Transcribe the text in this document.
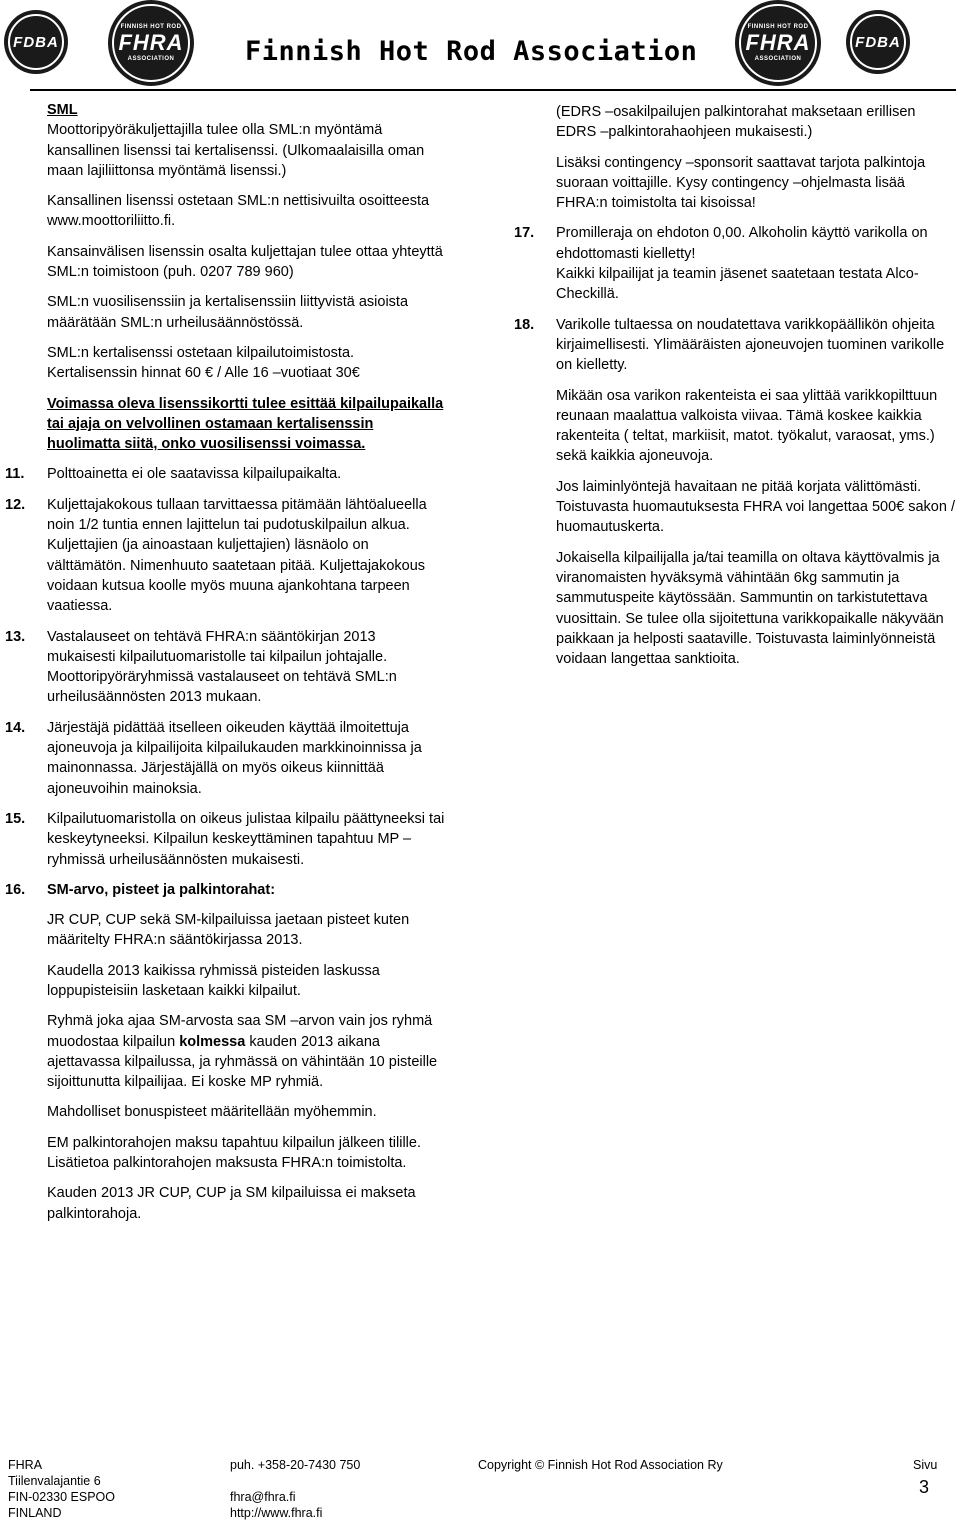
FDBA
FINNISH HOT ROD
FHRA
ASSOCIATION
FINNISH HOT ROD
FHRA
ASSOCIATION
FDBA
Finnish Hot Rod Association
SML
Moottoripyöräkuljettajilla tulee olla SML:n myöntämä kansallinen lisenssi tai kertalisenssi. (Ulkomaalaisilla oman maan lajiliittonsa myöntämä lisenssi.)
Kansallinen lisenssi ostetaan SML:n nettisivuilta osoitteesta www.moottoriliitto.fi.
Kansainvälisen lisenssin osalta kuljettajan tulee ottaa yhteyttä SML:n toimistoon (puh. 0207 789 960)
SML:n vuosilisenssiin ja kertalisenssiin liittyvistä asioista määrätään SML:n urheilusäännöstössä.
SML:n kertalisenssi ostetaan kilpailutoimistosta.
Kertalisenssin hinnat 60 € / Alle 16 –vuotiaat 30€
Voimassa oleva lisenssikortti tulee esittää kilpailupaikalla tai ajaja on velvollinen ostamaan kertalisenssin huolimatta siitä, onko vuosilisenssi voimassa.
11. Polttoainetta ei ole saatavissa kilpailupaikalta.
12. Kuljettajakokous tullaan tarvittaessa pitämään lähtöalueella noin 1/2 tuntia ennen lajittelun tai pudotuskilpailun alkua. Kuljettajien (ja ainoastaan kuljettajien) läsnäolo on välttämätön. Nimenhuuto saatetaan pitää. Kuljettajakokous voidaan kutsua koolle myös muuna ajankohtana tarpeen vaatiessa.
13. Vastalauseet on tehtävä FHRA:n sääntökirjan 2013 mukaisesti kilpailutuomaristolle tai kilpailun johtajalle. Moottoripyöräryhmissä vastalauseet on tehtävä SML:n urheilusäännösten 2013 mukaan.
14. Järjestäjä pidättää itselleen oikeuden käyttää ilmoitettuja ajoneuvoja ja kilpailijoita kilpailukauden markkinoinnissa ja mainonnassa. Järjestäjällä on myös oikeus kiinnittää ajoneuvoihin mainoksia.
15. Kilpailutuomaristolla on oikeus julistaa kilpailu päättyneeksi tai keskeytyneeksi. Kilpailun keskeyttäminen tapahtuu MP –ryhmissä urheilusäännösten mukaisesti.
16. SM-arvo, pisteet ja palkintorahat:
JR CUP, CUP sekä SM-kilpailuissa jaetaan pisteet kuten määritelty FHRA:n sääntökirjassa 2013.
Kaudella 2013 kaikissa ryhmissä pisteiden laskussa loppupisteisiin lasketaan kaikki kilpailut.
Ryhmä joka ajaa SM-arvosta saa SM –arvon vain jos ryhmä muodostaa kilpailun kolmessa kauden 2013 aikana ajettavassa kilpailussa, ja ryhmässä on vähintään 10 pisteille sijoittunutta kilpailijaa. Ei koske MP ryhmiä.
Mahdolliset bonuspisteet määritellään myöhemmin.
EM palkintorahojen maksu tapahtuu kilpailun jälkeen tilille. Lisätietoa palkintorahojen maksusta FHRA:n toimistolta.
Kauden 2013 JR CUP, CUP ja SM kilpailuissa ei makseta palkintorahoja.
(EDRS –osakilpailujen palkintorahat maksetaan erillisen EDRS –palkintorahaohjeen mukaisesti.)
Lisäksi contingency –sponsorit saattavat tarjota palkintoja suoraan voittajille. Kysy contingency –ohjelmasta lisää FHRA:n toimistolta tai kisoissa!
17. Promilleraja on ehdoton 0,00. Alkoholin käyttö varikolla on ehdottomasti kielletty!
Kaikki kilpailijat ja teamin jäsenet saatetaan testata Alco-Checkillä.
18. Varikolle tultaessa on noudatettava varikkopäällikön ohjeita kirjaimellisesti. Ylimääräisten ajoneuvojen tuominen varikolle on kielletty.
Mikään osa varikon rakenteista ei saa ylittää varikkopilttuun reunaan maalattua valkoista viivaa. Tämä koskee kaikkia rakenteita ( teltat, markiisit, matot. työkalut, varaosat, yms.) sekä kaikkia ajoneuvoja.
Jos laiminlyöntejä havaitaan ne pitää korjata välittömästi. Toistuvasta huomautuksesta FHRA voi langettaa 500€ sakon / huomautuskerta.
Jokaisella kilpailijalla ja/tai teamilla on oltava käyttövalmis ja viranomaisten hyväksymä vähintään 6kg sammutin ja sammutuspeite käytössään. Sammuntin on tarkistutettava vuosittain. Se tulee olla sijoitettuna varikkopaikalle näkyvään paikkaan ja helposti saataville. Toistuvasta laiminlyönneistä voidaan langettaa sanktioita.
FHRA
Tiilenvalajantie 6
FIN-02330 ESPOO
FINLAND
puh. +358-20-7430 750

fhra@fhra.fi
http://www.fhra.fi
Copyright © Finnish Hot Rod Association Ry	Sivu
3
